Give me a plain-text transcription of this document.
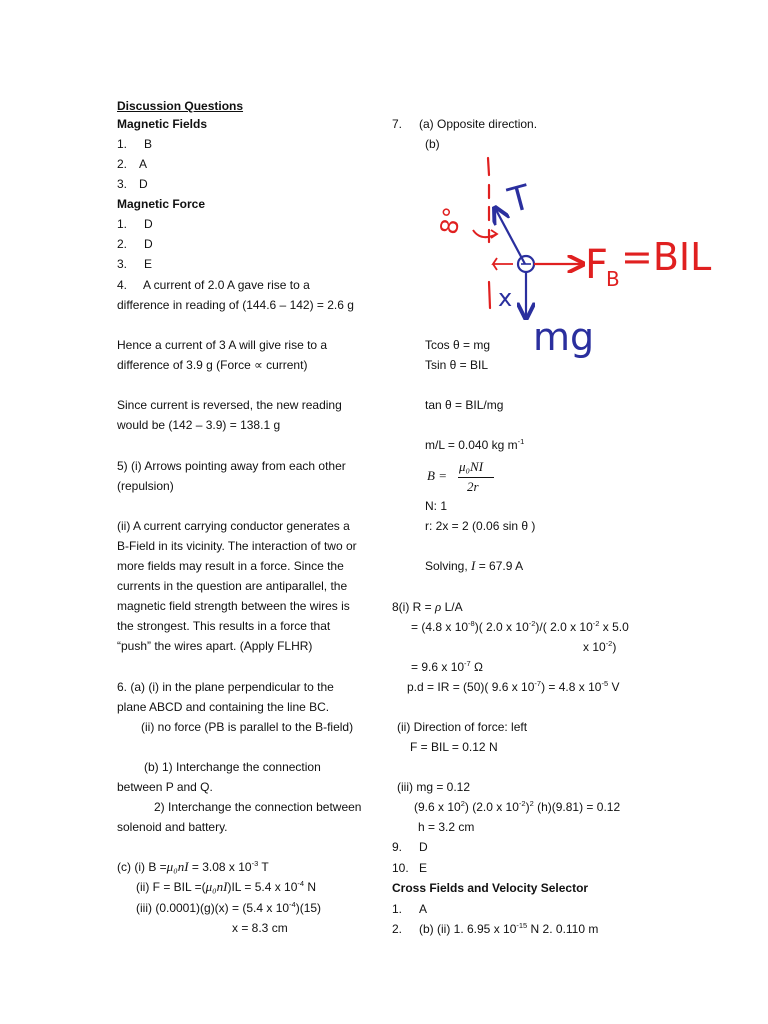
Discussion Questions
Magnetic Fields
1. B
2. A
3. D
Magnetic Force
1. D
2. D
3. E
4. A current of 2.0 A gave rise to a
difference in reading of (144.6 – 142) = 2.6 g
Hence a current of 3 A will give rise to a
difference of 3.9 g (Force ∝ current)
Since current is reversed, the new reading
would be (142 – 3.9) = 138.1 g
5) (i) Arrows pointing away from each other
(repulsion)
(ii) A current carrying conductor generates a
B-Field in its vicinity. The interaction of two or
more fields may result in a force. Since the
currents in the question are antiparallel, the
magnetic field strength between the wires is
the strongest. This results in a force that
“push” the wires apart. (Apply FLHR)
6. (a) (i) in the plane perpendicular to the
plane ABCD and containing the line BC.
(ii) no force (PB is parallel to the B-field)
(b) 1) Interchange the connection
between P and Q.
2) Interchange the connection between
solenoid and battery.
(c) (i) B =μ₀nI = 3.08 x $10^{-3}$ T
(ii) F = BIL =(μ₀nI)IL = 5.4 x $10^{-4}$ N
(iii) (0.0001)(g)(x) = (5.4 x $10^{-4})(15)$
x = 8.3 cm
7. (a) Opposite direction.
(b)
8° T
x
F
B =BIL
mg
Tcos θ = mg
Tsin θ = BIL
tan θ = BIL/mg
m/L = 0.040 kg $m^{-1}$
B =
μ₀NI
2r
N: 1
r: 2x = 2 (0.06 sin θ )
Solving, I = 67.9 A
8(i) R = ρ L/A
= (4.8 x $10^{-8}$)( 2.0 x $10^{-2})/$( 2.0 x $10^{-2}$ x 5.0
x $10^{-2}$)
= 9.6 x $10^{-7}$ Ω
p.d = IR = (50)( 9.6 x $10^{-7}) = 4.8$ x $10^{-5}$ V
(ii) Direction of force: left
F = BIL = 0.12 N
(iii) mg = 0.12
(9.6 x $10^2$) (2.0 x $10^{-2})^2$ (h)(9.81) = 0.12
h = 3.2 cm
9. D
10. E
Cross Fields and Velocity Selector
1. A
2. (b) (ii) 1. 6.95 x $10^{-15}$ N 2. 0.110 m
